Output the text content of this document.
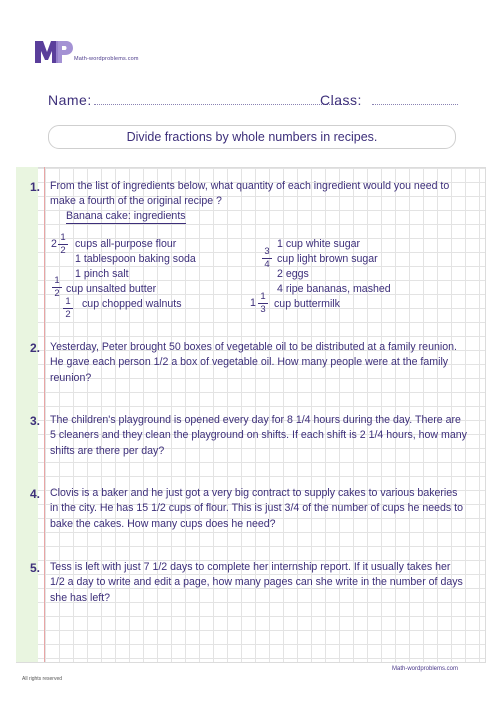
Math-wordproblems.com
Name:	Class:
Divide fractions by whole numbers in recipes.
1. From the list of ingredients below, what quantity of each ingredient would you need to make a fourth of the original recipe ?
Banana cake: ingredients
$2 \frac{1}{2}$ cups all-purpose flour
1 tablespoon baking soda
1 pinch salt
$\frac{1}{2}$ cup unsalted butter
$\frac{1}{2}$ cup chopped walnuts
1 cup white sugar
$\frac{3}{4}$ cup light brown sugar
2 eggs
4 ripe bananas, mashed
$1 \frac{1}{3}$ cup buttermilk
2. Yesterday, Peter brought 50 boxes of vegetable oil to be distributed at a family reunion. He gave each person 1/2 a box of vegetable oil. How many people were at the family reunion?
3. The children's playground is opened every day for 8 1/4 hours during the day. There are 5 cleaners and they clean the playground on shifts. If each shift is 2 1/4 hours, how many shifts are there per day?
4. Clovis is a baker and he just got a very big contract to supply cakes to various bakeries in the city. He has 15 1/2 cups of flour. This is just 3/4 of the number of cups he needs to bake the cakes. How many cups does he need?
5. Tess is left with just 7 1/2 days to complete her internship report. If it usually takes her 1/2 a day to write and edit a page, how many pages can she write in the number of days she has left?
All rights reserved
Math-wordproblems.com
